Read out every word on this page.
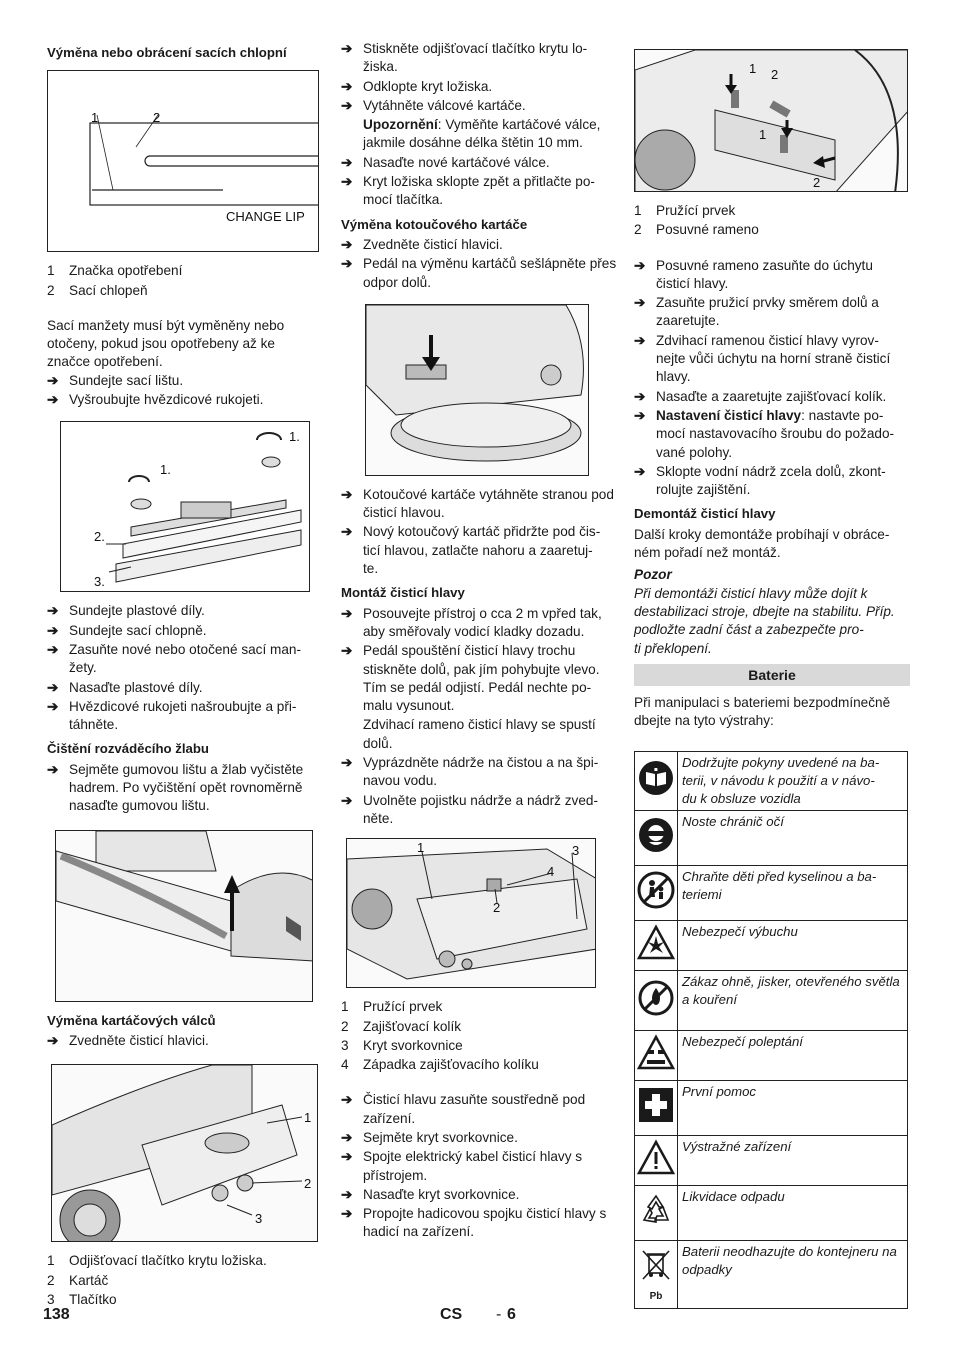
Výměna nebo obrácení sacích chlopní
1	2
CHANGE LIP
1 Značka opotřebení
2 Sací chlopeň

Sací manžety musí být vyměněny nebo otočeny, pokud jsou opotřebeny až ke značce opotřebení.

➔ Sundejte sací lištu.
➔ Vyšroubujte hvězdicové rukojeti.
1.
1.
2.
3.
➔ Sundejte plastové díly.
➔ Sundejte sací chlopně.
➔ Zasuňte nové nebo otočené sací man-
žety.
➔ Nasaďte plastové díly.
➔ Hvězdicové rukojeti našroubujte a při-
táhněte.
Čištění rozváděcího žlabu
➔ Sejměte gumovou lištu a žlab vyčistěte hadrem. Po vyčištění opět rovnoměrně nasaďte gumovou lištu.
Výměna kartáčových válců
➔ Zvedněte čisticí hlavici.
1
2
3
1 Odjišťovací tlačítko krytu ložiska.
2 Kartáč
3 Tlačítko
➔ Stiskněte odjišťovací tlačítko krytu lo-
žiska.
➔ Odklopte kryt ložiska.
➔ Vytáhněte válcové kartáče.
Upozornění: Vyměňte kartáčové válce, jakmile dosáhne délka štětin 10 mm.
➔ Nasaďte nové kartáčové válce.
➔ Kryt ložiska sklopte zpět a přitlačte po-
mocí tlačítka.
Výměna kotoučového kartáče
➔ Zvedněte čisticí hlavici.
➔ Pedál na výměnu kartáčů sešlápněte přes odpor dolů.
➔ Kotoučové kartáče vytáhněte stranou pod čisticí hlavou.
➔ Nový kotoučový kartáč přidržte pod čis-
ticí hlavou, zatlačte nahoru a zaaretuj-
te.
Montáž čisticí hlavy
➔ Posouvejte přístroj o cca 2 m vpřed tak, aby směřovaly vodicí kladky dozadu.
➔ Pedál spouštění čisticí hlavy trochu stiskněte dolů, pak jím pohybujte vlevo. Tím se pedál odjistí. Pedál nechte po-
malu vysunout.
Zdvihací rameno čisticí hlavy se spustí dolů.
➔ Vyprázdněte nádrže na čistou a na špi-
navou vodu.
➔ Uvolněte pojistku nádrže a nádrž zved-
něte.
1
2
3
4
1 Pružící prvek
2 Zajišťovací kolík
3 Kryt svorkovnice
4 Západka zajišťovacího kolíku
➔ Čisticí hlavu zasuňte soustředně pod zařízení.
➔ Sejměte kryt svorkovnice.
➔ Spojte elektrický kabel čisticí hlavy s přístrojem.
➔ Nasaďte kryt svorkovnice.
➔ Propojte hadicovou spojku čisticí hlavy s hadicí na zařízení.
1 2
1
2
1 Pružící prvek
2 Posuvné rameno
➔ Posuvné rameno zasuňte do úchytu čisticí hlavy.
➔ Zasuňte pružicí prvky směrem dolů a zaaretujte.
➔ Zdvihací ramenou čisticí hlavy vyrov-
nejte vůči úchytu na horní straně čisticí hlavy.
➔ Nasaďte a zaaretujte zajišťovací kolík.
➔ Nastavení čisticí hlavy: nastavte po-
mocí nastavovacího šroubu do požado-
vané polohy.
➔ Sklopte vodní nádrž zcela dolů, zkont-
rolujte zajištění.
Demontáž čisticí hlavy

Další kroky demontáže probíhají v obráce-
ném pořadí než montáž.

Pozor
Při demontáži čisticí hlavy může dojít k destabilizaci stroje, dbejte na stabilitu. Příp. podložte zadní část a zabezpečte pro-
ti překlopení.
Baterie

Při manipulaci s bateriemi bezpodmínečně dbejte na tyto výstrahy:

	Dodržujte pokyny uvedené na ba-
terii, v návodu k použití a v návo-
du k obsluze vozidla
	Noste chránič očí
	Chraňte děti před kyselinou a ba-
teriemi
	Nebezpečí výbuchu
	Zákaz ohně, jisker, otevřeného světla a kouření
	Nebezpečí poleptání
	První pomoc
	Výstražné zařízení
	Likvidace odpadu

Pb	Baterii neodhazujte do kontejneru na odpadky
138	CS - 6
